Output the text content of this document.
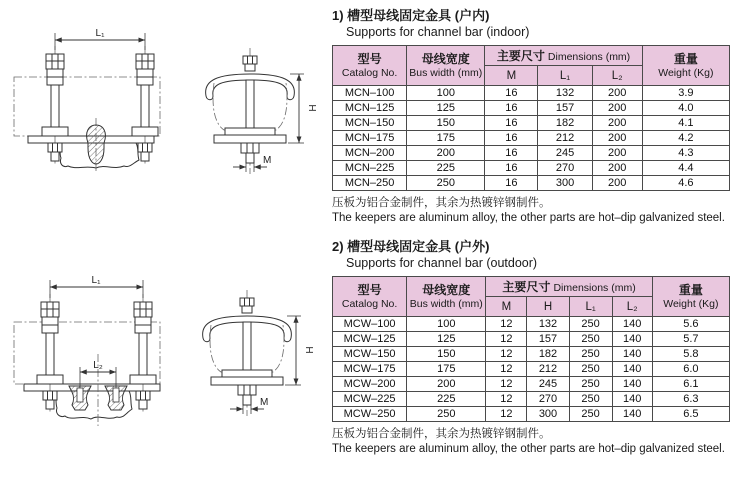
L₁
H
M
L₁
L₂
H
M
1) 槽型母线固定金具 (户内)
Supports for channel bar (indoor)
型号
Catalog No.

母线宽度
Bus width (mm)
	主要尺寸 Dimensions (mm)	重量
Weight (Kg)

		M	L₁	L₂	
MCN–100	100	16	132	200	3.9
MCN–125	125	16	157	200	4.0
MCN–150	150	16	182	200	4.1
MCN–175	175	16	212	200	4.2
MCN–200	200	16	245	200	4.3
MCN–225	225	16	270	200	4.4
MCN–250	250	16	300	200	4.6
压板为铝合金制件，其余为热镀锌钢制件。
The keepers are aluminum alloy, the other parts are hot–dip galvanized steel.
2) 槽型母线固定金具 (户外)
Supports for channel bar (outdoor)
型号
Catalog No.

母线宽度
Bus width (mm)
	主要尺寸 Dimensions (mm)	重量
Weight (Kg)

		M	H	L₁	L₂	
MCW–100	100	12	132	250	140	5.6
MCW–125	125	12	157	250	140	5.7
MCW–150	150	12	182	250	140	5.8
MCW–175	175	12	212	250	140	6.0
MCW–200	200	12	245	250	140	6.1
MCW–225	225	12	270	250	140	6.3
MCW–250	250	12	300	250	140	6.5
压板为铝合金制件，其余为热镀锌钢制件。
The keepers are aluminum alloy, the other parts are hot–dip galvanized steel.
